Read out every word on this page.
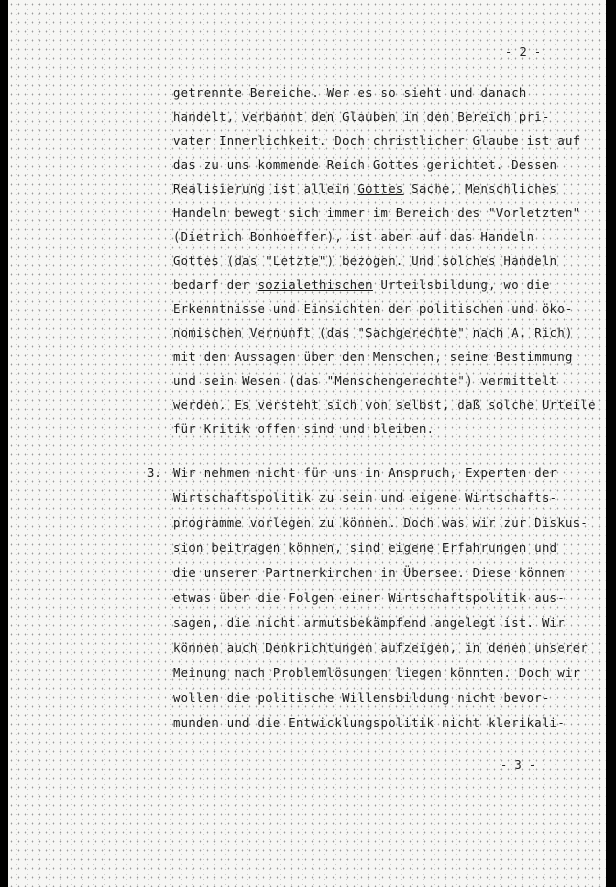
- 2 -
getrennte Bereiche. Wer es so sieht und danach
handelt, verbannt den Glauben in den Bereich pri-
vater Innerlichkeit. Doch christlicher Glaube ist auf
das zu uns kommende Reich Gottes gerichtet. Dessen
Realisierung ist allein Gottes Sache. Menschliches
Handeln bewegt sich immer im Bereich des "Vorletzten"
(Dietrich Bonhoeffer), ist aber auf das Handeln
Gottes (das "Letzte") bezogen. Und solches Handeln
bedarf der sozialethischen Urteilsbildung, wo die
Erkenntnisse und Einsichten der politischen und öko-
nomischen Vernunft (das "Sachgerechte" nach A. Rich)
mit den Aussagen über den Menschen, seine Bestimmung
und sein Wesen (das "Menschengerechte") vermittelt
werden. Es versteht sich von selbst, daß solche Urteile
für Kritik offen sind und bleiben.
3. Wir nehmen nicht für uns in Anspruch, Experten der
Wirtschaftspolitik zu sein und eigene Wirtschafts-
programme vorlegen zu können. Doch was wir zur Diskus-
sion beitragen können, sind eigene Erfahrungen und
die unserer Partnerkirchen in Übersee. Diese können
etwas über die Folgen einer Wirtschaftspolitik aus-
sagen, die nicht armutsbekämpfend angelegt ist. Wir
können auch Denkrichtungen aufzeigen, in denen unserer
Meinung nach Problemlösungen liegen könnten. Doch wir
wollen die politische Willensbildung nicht bevor-
munden und die Entwicklungspolitik nicht klerikali-
- 3 -
